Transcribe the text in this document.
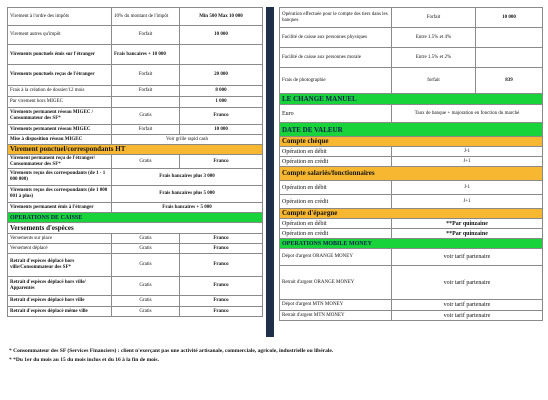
Virement à l'ordre des impôts	10% du montant de l'impôt	Min 500 Max 10 000
Virement autres qu'impôt	Forfait	10 000
Virements ponctuels émis sur l'étranger	Frais bancaires + 10 000	
Virements ponctuels reçus de l'étranger	Forfait	20 000
Frais à la création de dossier/12 mois	Forfait	8 000
Par virement hors MIGEC		1 000
Virements permanent réseau MIGEC / Consommateur des SF*	Gratis	Franco
Virements permanent réseau MIGEC	Forfait	10 000
Mise à disposition réseau MIGEC	Voir grille rapid cash	
Virement ponctuel/correspondants HT		
Virement permanent reçu de l'étranger/ Consommateur des SF*	Gratis	Franco
Virements reçus des correspondants (de 1 - 1 000 000)	Frais bancaires plus 3 000	
Virements reçus des correspondants (de 1 000 001 à plus)	Frais bancaires plus 5 000	
Virements permanent émis à l'étranger	Frais bancaires + 5 000	
OPERATIONS DE CAISSE		
Versements d'espèces		
Versements sur place	Gratis	Franco
Versement déplacé	Gratis	Franco
Retrait d'espèces déplacé hors ville/Consommateur des SF*	Gratis	Franco
Retrait d'espèces déplacé hors ville/ Apparentés	Gratis	Franco
Retrait d'espèces déplacé hors ville	Gratis	Franco
Retrait d'espèces déplacé même ville	Gratis	Franco
Opération effectuée pour le compte des tiers dans les banques	Forfait	10 000
Facilité de caisse aux personnes physiques	Entre 1.5% et 4%	
Facilité de caisse aux personnes morale	Entre 1.5% et 2%	
Frais de photographie	forfait	839
LE CHANGE MANUEL		
Euro	Taux de banque + majoration en fonction du marché	
DATE DE VALEUR		
Compte chèque		
Opération en débit	J-1	
Opération en crédit	J+1	
Compte salariés/fonctionnaires		
Opération en débit	J-1	
Opération en crédit	J+1	
Compte d'épargne		
Opération en débit	**Par quinzaine	
Opération en crédit	**Par quinzaine	
OPERATIONS MOBILE MONEY		
Dépot d'argent ORANGE MONEY	voir tarif partenaire	
Retrait d'argent ORANGE MONEY	voir tarif partenaire	
Dépot d'argent MTN MONEY	voir tarif partenaire	
Retrait d'argent MTN MONEY	voir tarif partenaire	
* Consommateur des SF (Services Financiers) : client n'exerçant pas une activité artisanale, commerciale, agricole, industrielle ou libérale.
* *Du 1er du mois au 15 du mois inclus et du 16 à la fin de mois.
